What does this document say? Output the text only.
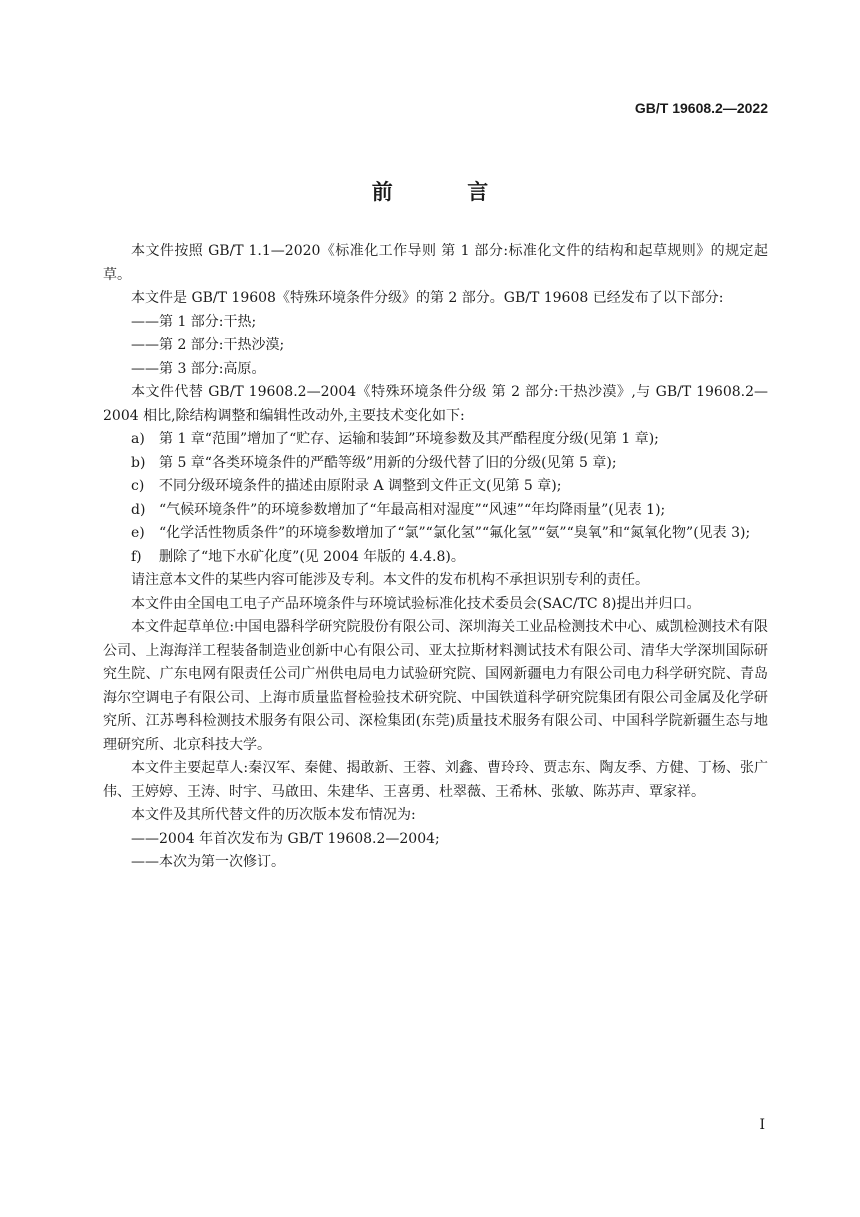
GB/T 19608.2—2022
前 言

本文件按照 GB/T 1.1—2020《标准化工作导则 第 1 部分:标准化文件的结构和起草规则》的规定起草。

本文件是 GB/T 19608《特殊环境条件分级》的第 2 部分。GB/T 19608 已经发布了以下部分:

——第 1 部分:干热;

——第 2 部分:干热沙漠;

——第 3 部分:高原。

本文件代替 GB/T 19608.2—2004《特殊环境条件分级 第 2 部分:干热沙漠》,与 GB/T 19608.2—2004 相比,除结构调整和编辑性改动外,主要技术变化如下:

a) 第 1 章“范围”增加了“贮存、运输和装卸”环境参数及其严酷程度分级(见第 1 章);
b) 第 5 章“各类环境条件的严酷等级”用新的分级代替了旧的分级(见第 5 章);
c) 不同分级环境条件的描述由原附录 A 调整到文件正文(见第 5 章);
d) “气候环境条件”的环境参数增加了“年最高相对湿度”“风速”“年均降雨量”(见表 1);
e) “化学活性物质条件”的环境参数增加了“氯”“氯化氢”“氟化氢”“氨”“臭氧”和“氮氧化物”(见表 3);
f) 删除了“地下水矿化度”(见 2004 年版的 4.4.8)。

请注意本文件的某些内容可能涉及专利。本文件的发布机构不承担识别专利的责任。

本文件由全国电工电子产品环境条件与环境试验标准化技术委员会(SAC/TC 8)提出并归口。

本文件起草单位:中国电器科学研究院股份有限公司、深圳海关工业品检测技术中心、威凯检测技术有限公司、上海海洋工程装备制造业创新中心有限公司、亚太拉斯材料测试技术有限公司、清华大学深圳国际研究生院、广东电网有限责任公司广州供电局电力试验研究院、国网新疆电力有限公司电力科学研究院、青岛海尔空调电子有限公司、上海市质量监督检验技术研究院、中国铁道科学研究院集团有限公司金属及化学研究所、江苏粤科检测技术服务有限公司、深检集团(东莞)质量技术服务有限公司、中国科学院新疆生态与地理研究所、北京科技大学。

本文件主要起草人:秦汉军、秦健、揭敢新、王蓉、刘鑫、曹玲玲、贾志东、陶友季、方健、丁杨、张广伟、王婷婷、王涛、时宇、马啟田、朱建华、王喜勇、杜翠薇、王希林、张敏、陈苏声、覃家祥。

本文件及其所代替文件的历次版本发布情况为:

——2004 年首次发布为 GB/T 19608.2—2004;

——本次为第一次修订。

I
